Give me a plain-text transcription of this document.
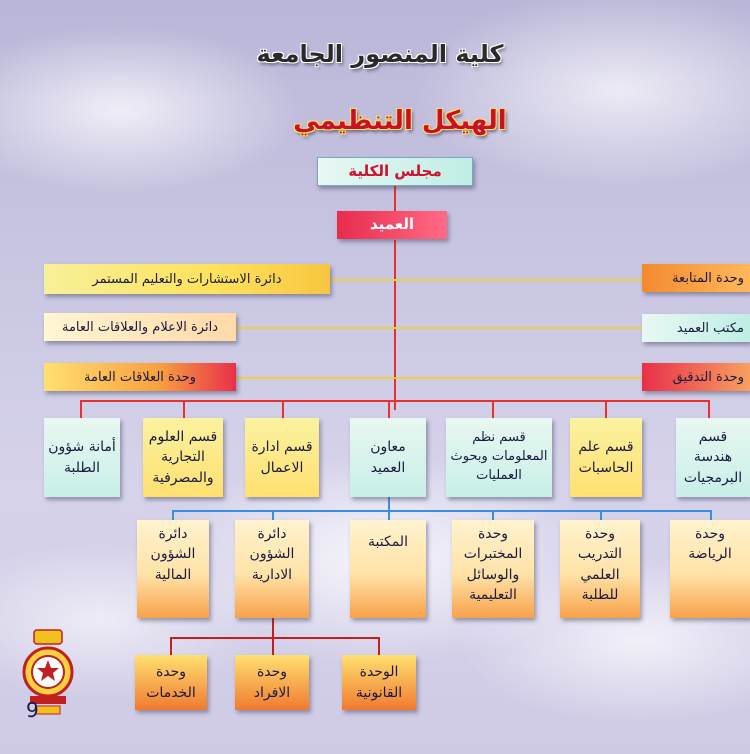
كلية المنصور الجامعة
الهيكل التنظيمي
مجلس الكلية
العميد
دائرة الاستشارات والتعليم المستمر	وحدة المتابعة
دائرة الاعلام والعلاقات العامة	مكتب العميد
وحدة العلاقات العامة	وحدة التدقيق
أمانة شؤون الطلبة
قسم العلوم التجارية والمصرفية
قسم ادارة الاعمال
معاون العميد
قسم نظم المعلومات وبحوث العمليات
قسم علم الحاسبات
قسم هندسة البرمجيات
دائرة الشؤون المالية
دائرة الشؤون الادارية
المكتبة	وحدة المختبرات والوسائل التعليمية
وحدة التدريب العلمي للطلبة
وحدة الرياضة
وحدة الخدمات
وحدة الافراد
الوحدة القانونية
9
